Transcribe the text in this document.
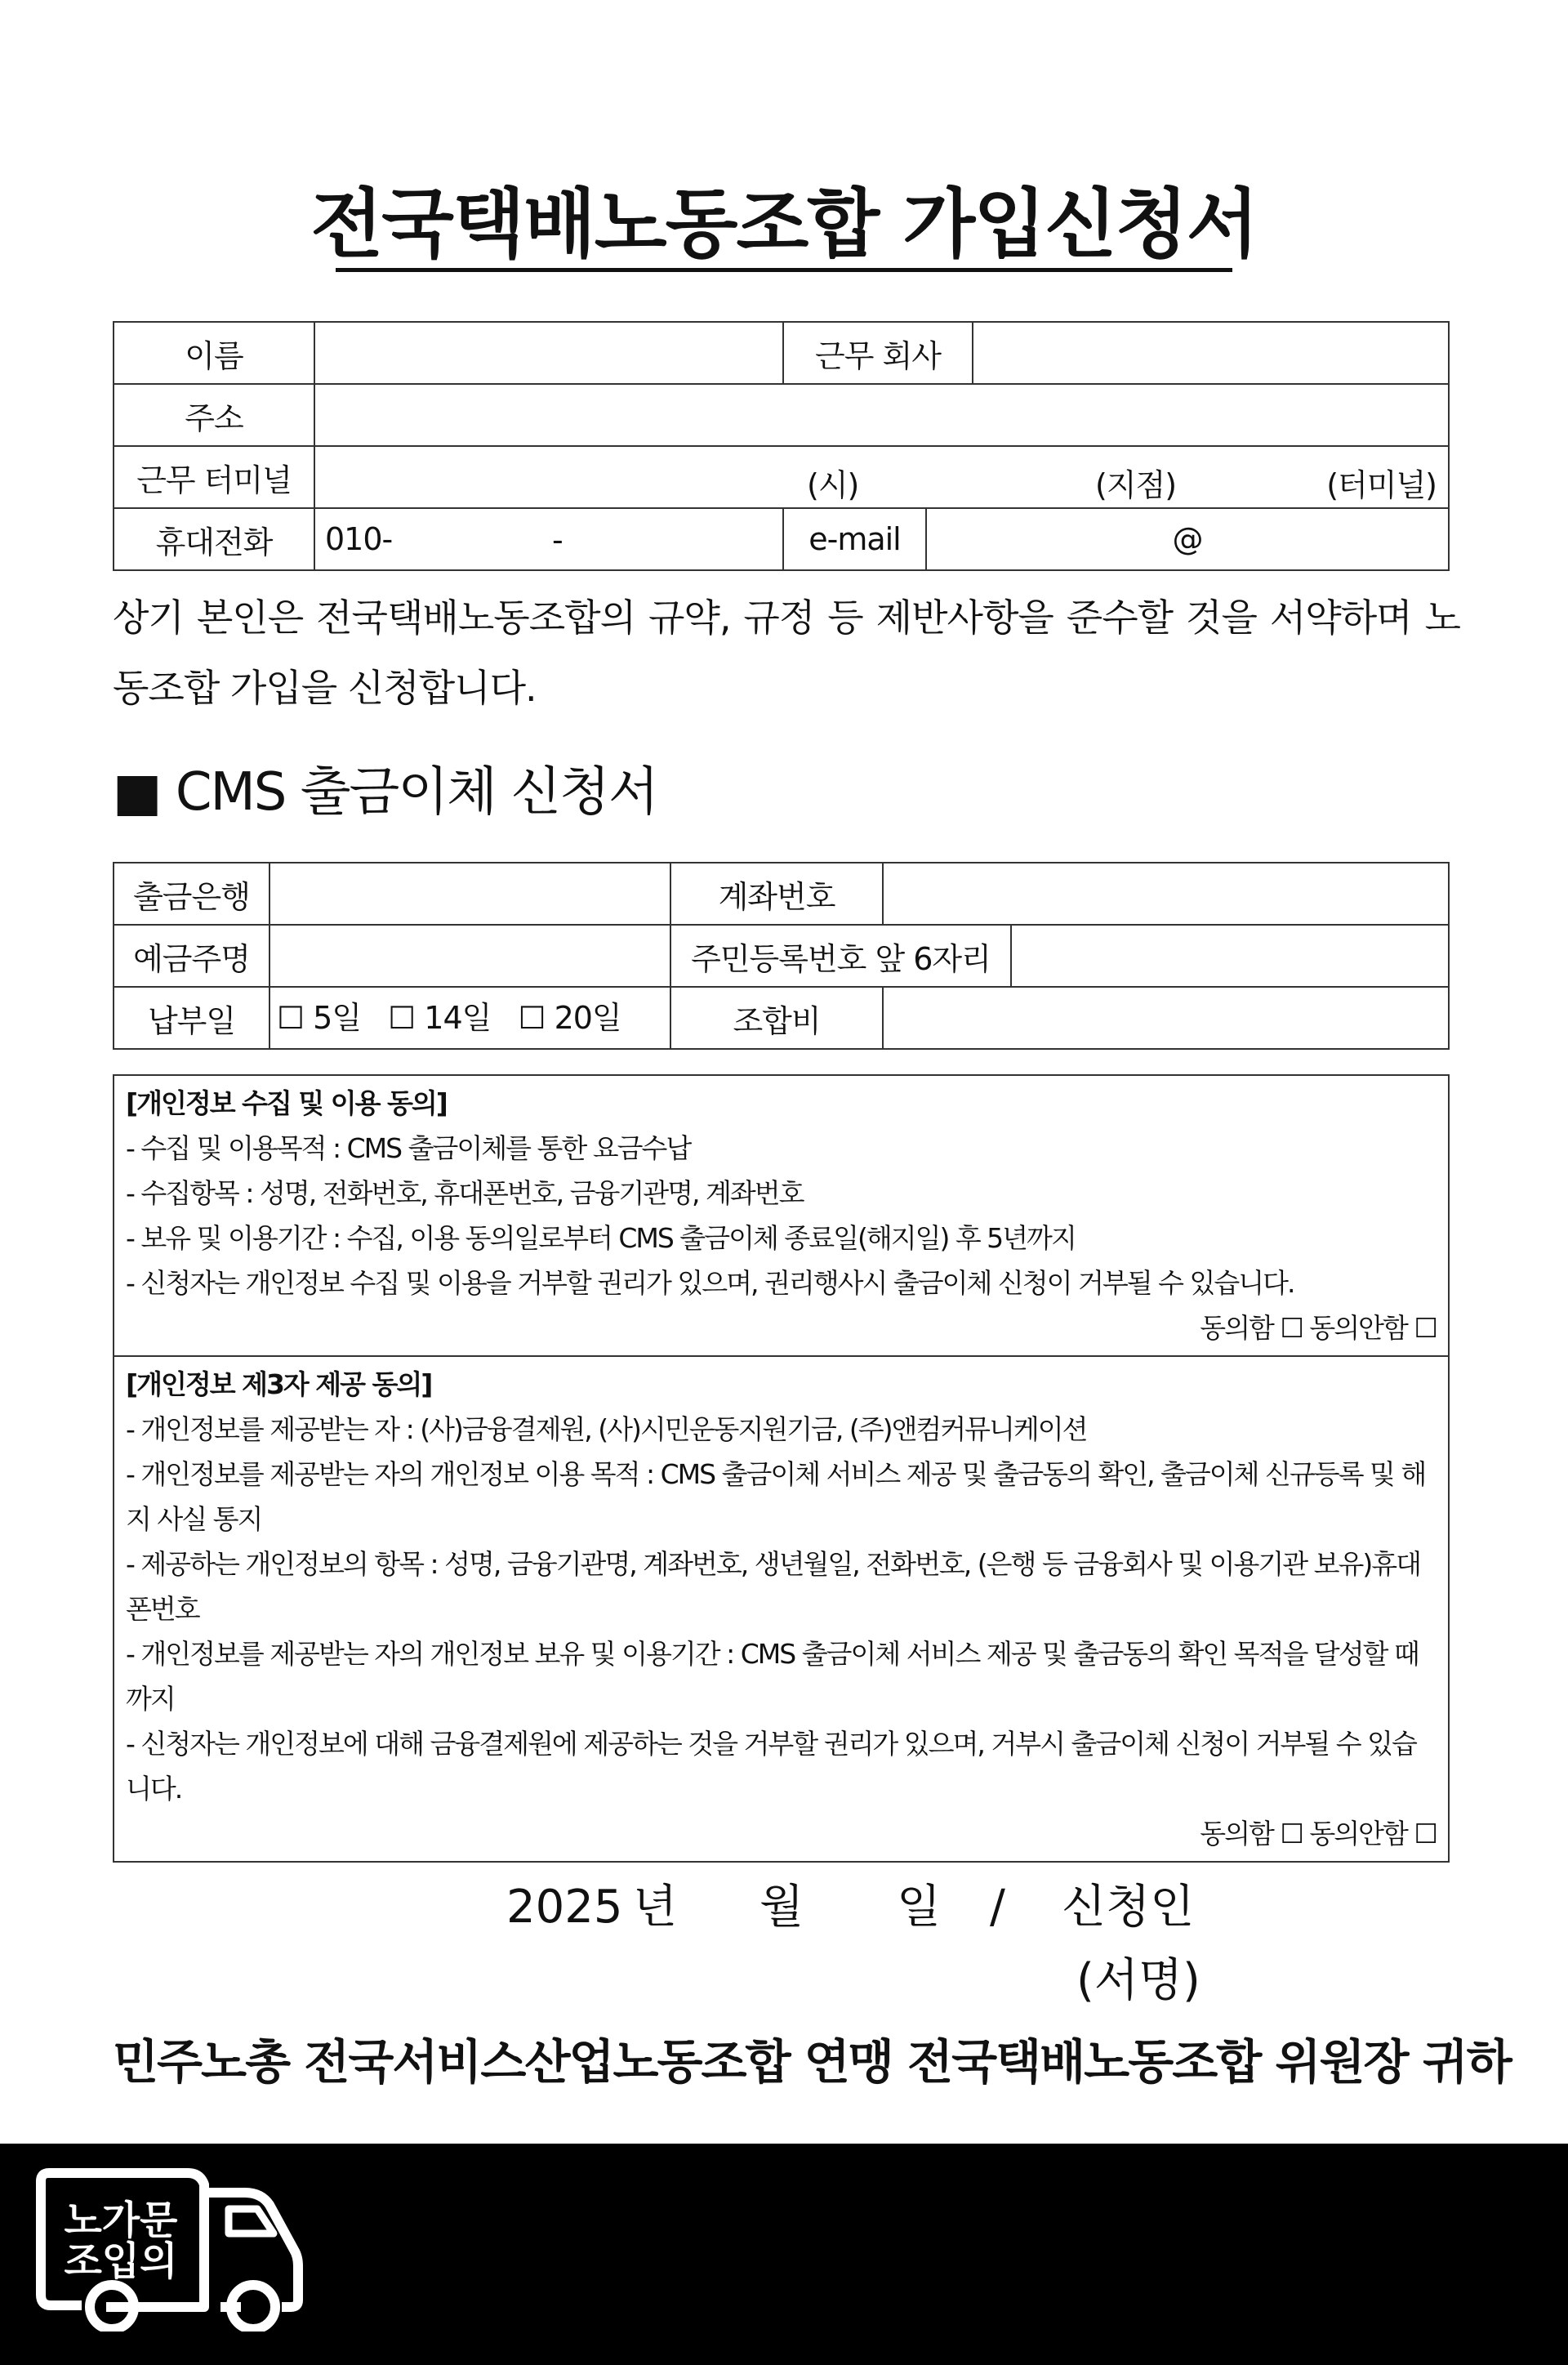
전국택배노동조합 가입신청서
이름		근무 회사		
주소				
근무 터미널	(시) (지점) (터미널)			

휴대전화	010- -	e-mail	@	
상기 본인은 전국택배노동조합의 규약, 규정 등 제반사항을 준수할 것을 서약하며 노동조합 가입을 신청합니다.
■ CMS 출금이체 신청서
출금은행		계좌번호		
예금주명		주민등록번호 앞 6자리		
납부일	☐ 5일 ☐ 14일 ☐ 20일	조합비		
[개인정보 수집 및 이용 동의]
- 수집 및 이용목적 : CMS 출금이체를 통한 요금수납
- 수집항목 : 성명, 전화번호, 휴대폰번호, 금융기관명, 계좌번호
- 보유 및 이용기간 : 수집, 이용 동의일로부터 CMS 출금이체 종료일(해지일) 후 5년까지
- 신청자는 개인정보 수집 및 이용을 거부할 권리가 있으며, 권리행사시 출금이체 신청이 거부될 수 있습니다.
동의함 ☐ 동의안함 ☐
[개인정보 제3자 제공 동의]
- 개인정보를 제공받는 자 : (사)금융결제원, (사)시민운동지원기금, (주)앤컴커뮤니케이션
- 개인정보를 제공받는 자의 개인정보 이용 목적 : CMS 출금이체 서비스 제공 및 출금동의 확인, 출금이체 신규등록 및 해지 사실 통지
- 제공하는 개인정보의 항목 : 성명, 금융기관명, 계좌번호, 생년월일, 전화번호, (은행 등 금융회사 및 이용기관 보유)휴대폰번호
- 개인정보를 제공받는 자의 개인정보 보유 및 이용기간 : CMS 출금이체 서비스 제공 및 출금동의 확인 목적을 달성할 때까지
- 신청자는 개인정보에 대해 금융결제원에 제공하는 것을 거부할 권리가 있으며, 거부시 출금이체 신청이 거부될 수 있습니다.
동의함 ☐ 동의안함 ☐
2025 년 월 일 / 신청인
(서명)
민주노총 전국서비스산업노동조합 연맹 전국택배노동조합 위원장 귀하
노가문
조입의
